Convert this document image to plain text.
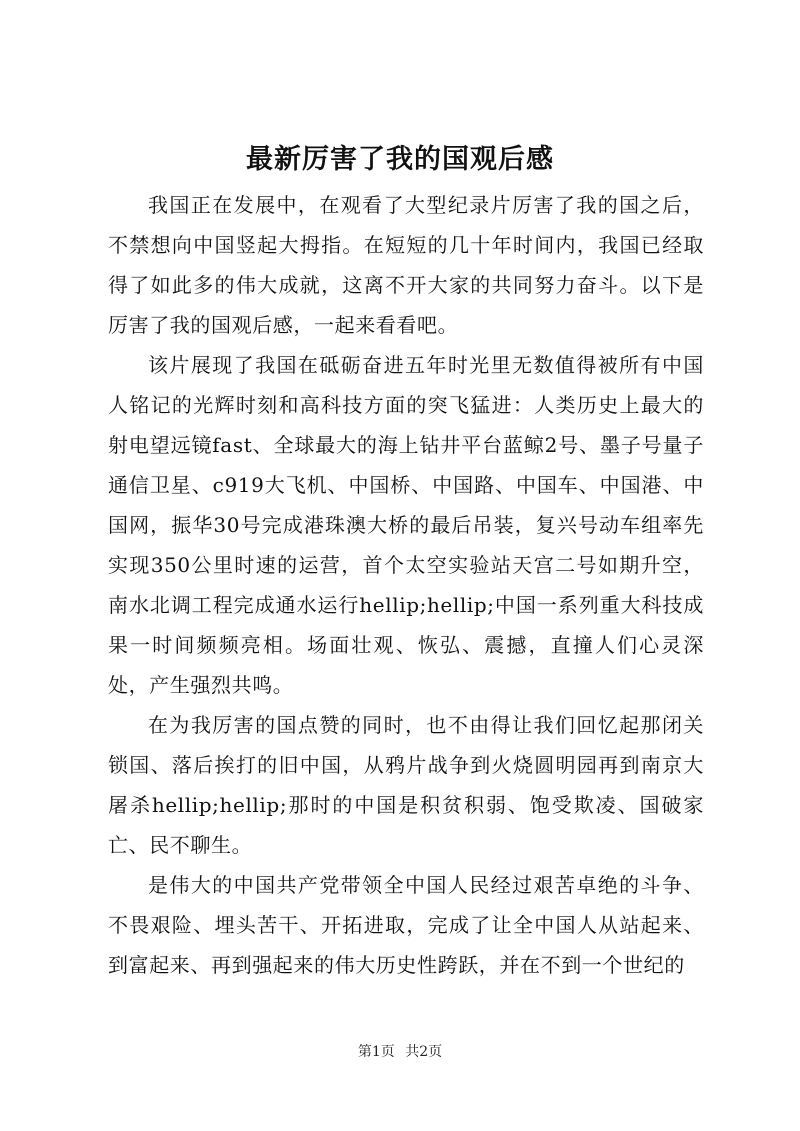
最新厉害了我的国观后感

我国正在发展中，在观看了大型纪录片厉害了我的国之后，不禁想向中国竖起大拇指。在短短的几十年时间内，我国已经取得了如此多的伟大成就，这离不开大家的共同努力奋斗。以下是厉害了我的国观后感，一起来看看吧。

该片展现了我国在砥砺奋进五年时光里无数值得被所有中国人铭记的光辉时刻和高科技方面的突飞猛进：人类历史上最大的射电望远镜fast、全球最大的海上钻井平台蓝鲸2号、墨子号量子通信卫星、c919大飞机、中国桥、中国路、中国车、中国港、中国网，振华30号完成港珠澳大桥的最后吊装，复兴号动车组率先实现350公里时速的运营，首个太空实验站天宫二号如期升空，南水北调工程完成通水运行hellip;hellip;中国一系列重大科技成果一时间频频亮相。场面壮观、恢弘、震撼，直撞人们心灵深处，产生强烈共鸣。

在为我厉害的国点赞的同时，也不由得让我们回忆起那闭关锁国、落后挨打的旧中国，从鸦片战争到火烧圆明园再到南京大屠杀hellip;hellip;那时的中国是积贫积弱、饱受欺凌、国破家亡、民不聊生。

是伟大的中国共产党带领全中国人民经过艰苦卓绝的斗争、不畏艰险、埋头苦干、开拓进取，完成了让全中国人从站起来、到富起来、再到强起来的伟大历史性跨跃，并在不到一个世纪的

第1页 共2页
